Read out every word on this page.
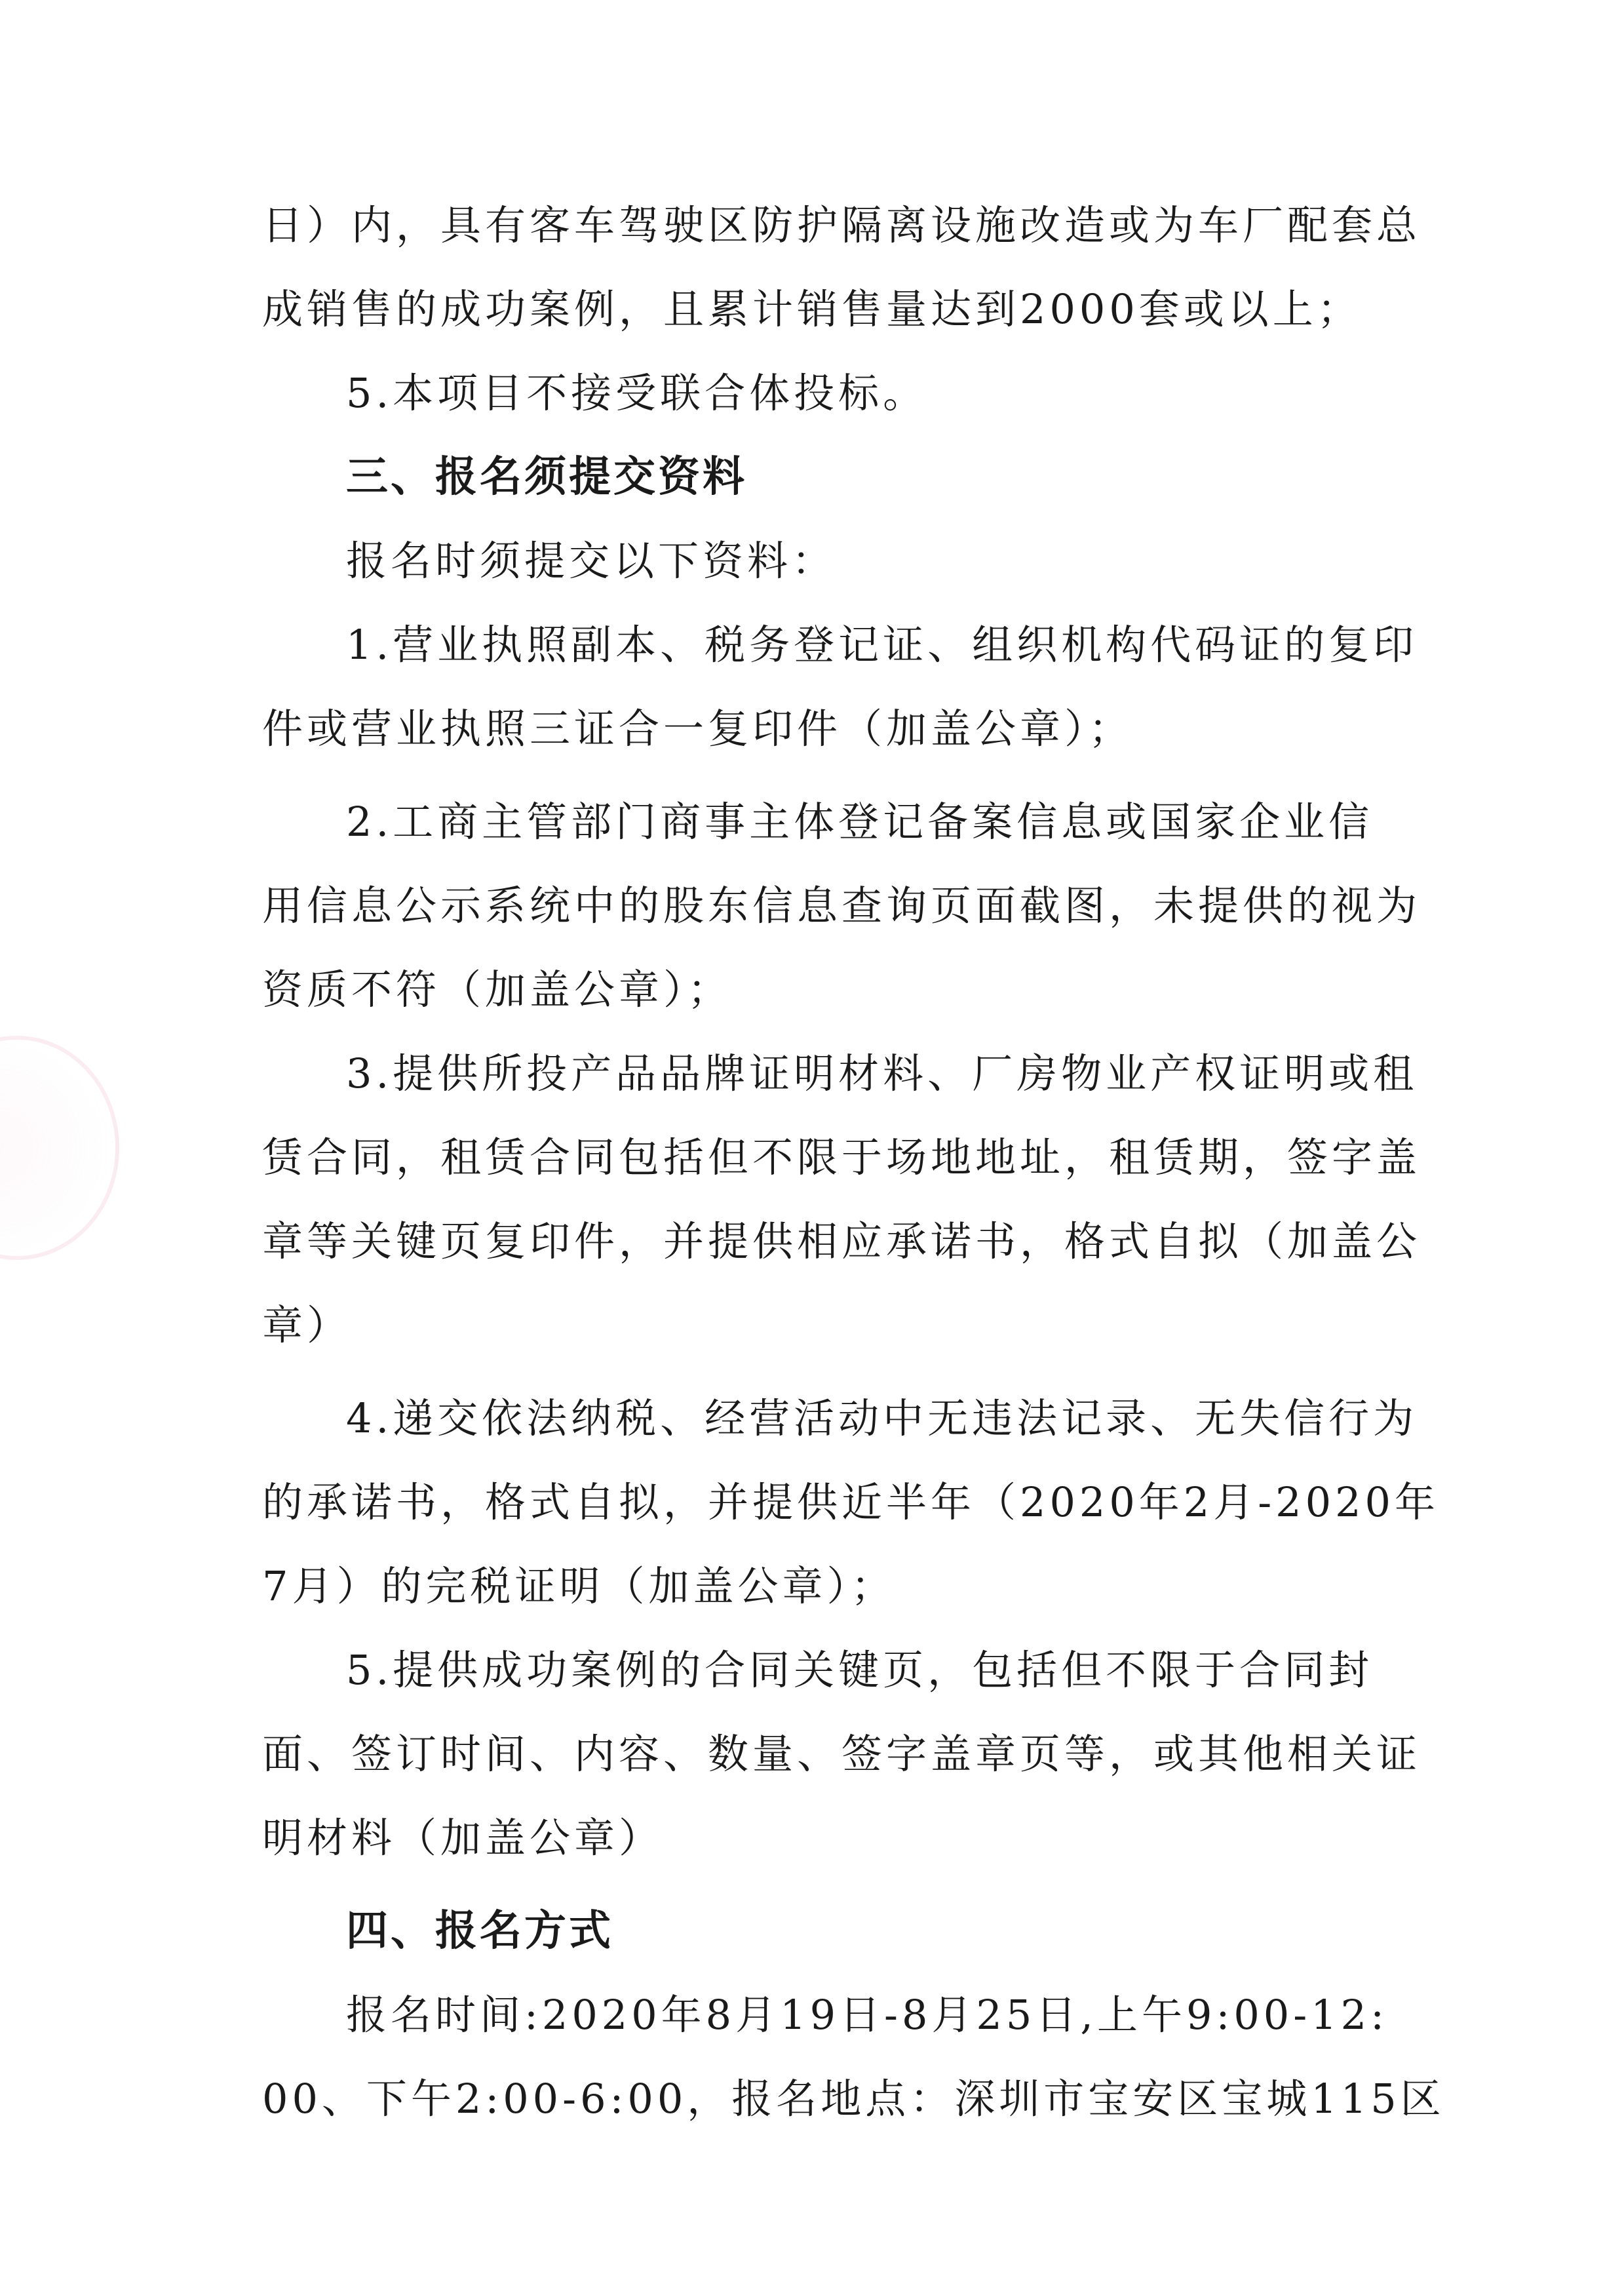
日）内，具有客车驾驶区防护隔离设施改造或为车厂配套总
成销售的成功案例，且累计销售量达到2000套或以上；
5.本项目不接受联合体投标。
三、报名须提交资料
报名时须提交以下资料：
1.营业执照副本、税务登记证、组织机构代码证的复印
件或营业执照三证合一复印件（加盖公章）；
2.工商主管部门商事主体登记备案信息或国家企业信
用信息公示系统中的股东信息查询页面截图，未提供的视为
资质不符（加盖公章）；
3.提供所投产品品牌证明材料、厂房物业产权证明或租
赁合同，租赁合同包括但不限于场地地址，租赁期，签字盖
章等关键页复印件，并提供相应承诺书，格式自拟（加盖公
章）
4.递交依法纳税、经营活动中无违法记录、无失信行为
的承诺书，格式自拟，并提供近半年（2020年2月-2020年
7月）的完税证明（加盖公章）；
5.提供成功案例的合同关键页，包括但不限于合同封
面、签订时间、内容、数量、签字盖章页等，或其他相关证
明材料（加盖公章）
四、报名方式
报名时间:2020年8月19日-8月25日,上午9:00-12:
00、下午2:00-6:00，报名地点：深圳市宝安区宝城115区
